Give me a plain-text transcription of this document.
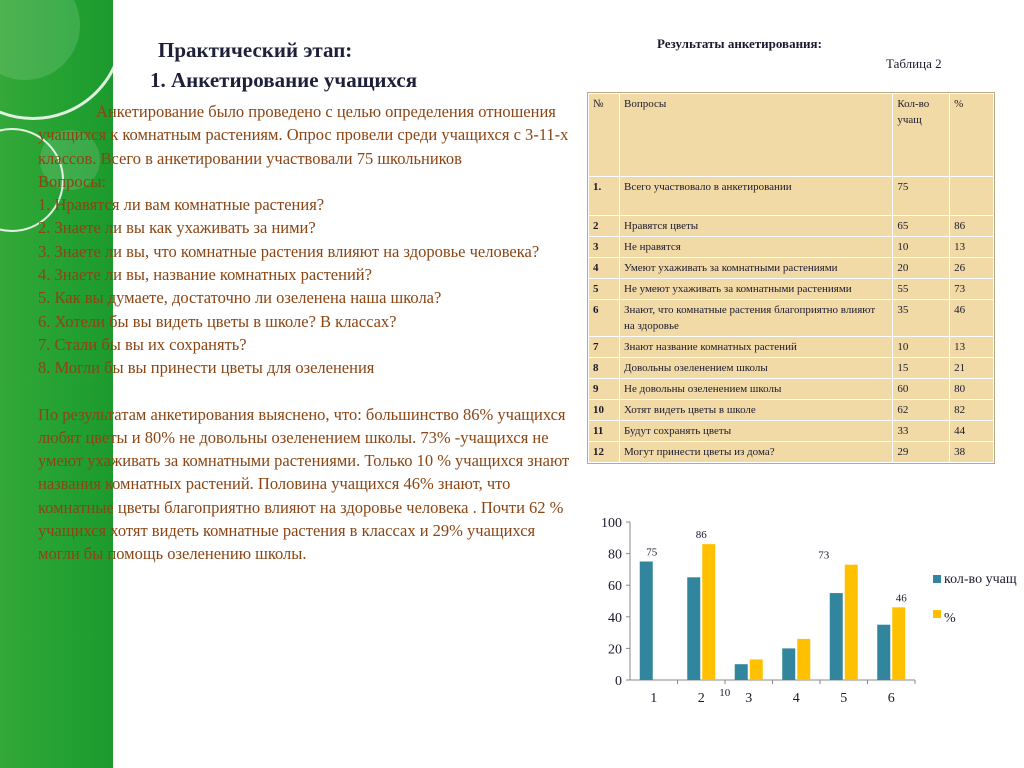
Практический этап:
1. Анкетирование учащихся

Анкетирование было проведено с целью определения отношения учащихся к комнатным растениям. Опрос провели среди учащихся с 3-11-х классов. Всего в анкетировании участвовали 75 школьников

Вопросы:

1. Нравятся ли вам комнатные растения?

2. Знаете ли вы как ухаживать за ними?

3. Знаете ли вы, что комнатные растения влияют на здоровье человека?

4. Знаете ли вы, название комнатных растений?

5. Как вы думаете, достаточно ли озеленена наша школа?

6. Хотели бы вы видеть цветы в школе? В классах?

7. Стали бы вы их сохранять?

8. Могли бы вы принести цветы для озеленения

По результатам анкетирования выяснено, что: большинство 86% учащихся любят цветы и 80% не довольны озеленением школы. 73% -учащихся не умеют ухаживать за комнатными растениями. Только 10 % учащихся знают названия комнатных растений. Половина учащихся 46% знают, что комнатные цветы благоприятно влияют на здоровье человека . Почти 62 % учащихся хотят видеть комнатные растения в классах и 29% учащихся могли бы помощь озеленению школы.

Результаты анкетирования:
Таблица 2
№	Вопросы	Кол-во учащ	%
1.	Всего участвовало в анкетировании	75	
2	Нравятся цветы	65	86
3	Не нравятся	10	13
4	Умеют ухаживать за комнатными растениями	20	26
5	Не умеют ухаживать за комнатными растениями	55	73
6	Знают, что комнатные растения благоприятно влияют на здоровье	35	46
7	Знают название комнатных растений	10	13
8	Довольны озеленением школы	15	21
9	Не довольны озеленением школы	60	80
10	Хотят видеть цветы в школе	62	82
11	Будут сохранять цветы	33	44
12	Могут принести цветы из дома?	29	38
0
20
40
60
80
100
1	2	3	4	5	6
75
86
10
73
46
кол-во учащ
%
